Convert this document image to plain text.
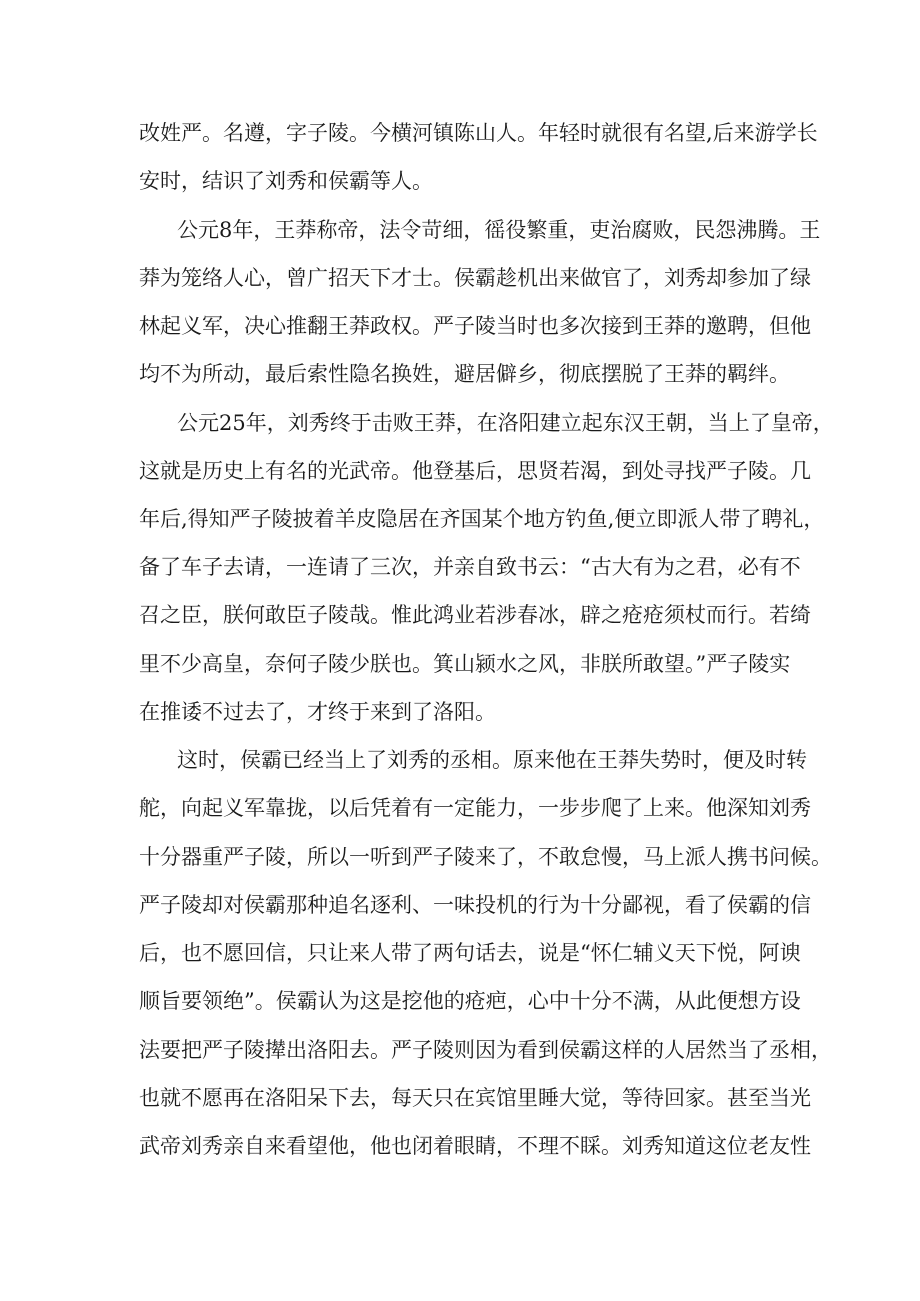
改姓严。名遵，字子陵。今横河镇陈山人。年轻时就很有名望,后来游学长
安时，结识了刘秀和侯霸等人。
公元8年，王莽称帝，法令苛细，徭役繁重，吏治腐败，民怨沸腾。王
莽为笼络人心，曾广招天下才士。侯霸趁机出来做官了，刘秀却参加了绿
林起义军，决心推翻王莽政权。严子陵当时也多次接到王莽的邀聘，但他
均不为所动，最后索性隐名换姓，避居僻乡，彻底摆脱了王莽的羁绊。
公元25年，刘秀终于击败王莽，在洛阳建立起东汉王朝，当上了皇帝，
这就是历史上有名的光武帝。他登基后，思贤若渴，到处寻找严子陵。几
年后,得知严子陵披着羊皮隐居在齐国某个地方钓鱼,便立即派人带了聘礼，
备了车子去请，一连请了三次，并亲自致书云：“古大有为之君，必有不
召之臣，朕何敢臣子陵哉。惟此鸿业若涉春冰，辟之疮疮须杖而行。若绮
里不少高皇，奈何子陵少朕也。箕山颍水之风，非朕所敢望。”严子陵实
在推诿不过去了，才终于来到了洛阳。
这时，侯霸已经当上了刘秀的丞相。原来他在王莽失势时，便及时转
舵，向起义军靠拢，以后凭着有一定能力，一步步爬了上来。他深知刘秀
十分器重严子陵，所以一听到严子陵来了，不敢怠慢，马上派人携书问候。
严子陵却对侯霸那种追名逐利、一味投机的行为十分鄙视，看了侯霸的信
后，也不愿回信，只让来人带了两句话去，说是“怀仁辅义天下悦，阿谀
顺旨要领绝”。侯霸认为这是挖他的疮疤，心中十分不满，从此便想方设
法要把严子陵撵出洛阳去。严子陵则因为看到侯霸这样的人居然当了丞相，
也就不愿再在洛阳呆下去，每天只在宾馆里睡大觉，等待回家。甚至当光
武帝刘秀亲自来看望他，他也闭着眼睛，不理不睬。刘秀知道这位老友性
